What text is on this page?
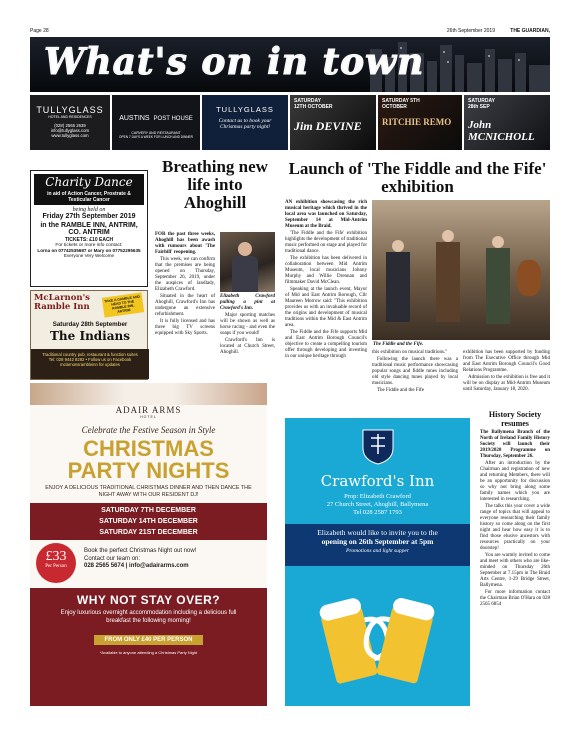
Page 28	26th September 2019	THE GUARDIAN,
What's on in town
TULLYGLASS
HOTEL AND RESIDENCES
(028) 2565 2639
info@tullyglass.com
www.tullyglass.com
AUSTINS POST HOUSE
CARVERY AND RESTAURANT
OPEN 7 DAYS A WEEK FOR LUNCH AND DINNER
TULLYGLASS
Contact us to book your Christmas party night!
SATURDAY 12TH OCTOBER
Jim DEVINE
SATURDAY 5TH OCTOBER
RITCHIE REMO
SATURDAY 28th SEP
John MCNICHOLL
Charity Dance
in aid of Action Cancer, Prostrate & Testicular Cancer
being held on
Friday 27th September 2019
in the RAMBLE INN, ANTRIM,
CO. ANTRIM
TICKETS: £10 EACH
For tickets or more info contact:
Lorna on 07742535687 or Mary on 07752295635
Everyone Very Welcome
McLarnon's Ramble Inn
TAKE A GAMBLE AND HEAD TO THE RAMBLE INN, ANTRIM
Saturday 28th September
The Indians
Traditional country pub, restaurant & function suites
Tel: 028 9442 8282 • Follow us on Facebook
mclarnonsrambleinn for updates
ADAIR ARMS
HOTEL
Celebrate the Festive Season in Style
CHRISTMAS
PARTY NIGHTS
ENJOY A DELICIOUS TRADITIONAL CHRISTMAS DINNER AND THEN DANCE THE NIGHT AWAY WITH OUR RESIDENT DJ!
SATURDAY 7TH DECEMBER
SATURDAY 14TH DECEMBER
SATURDAY 21ST DECEMBER
£33
Per Person
Book the perfect Christmas Night out now!
Contact our team on:
028 2565 5674 | info@adairarms.com
WHY NOT STAY OVER?
Enjoy luxurious overnight accommodation including a delicious full breakfast the following morning!
FROM ONLY £40 PER PERSON
*Available to anyone attending a Christmas Party Night
Breathing new life into Ahoghill

FOR the past three weeks, Ahoghill has been awash with rumours about 'The Fairhill' reopening.

This week, we can confirm that the premises are being opened on Thursday, September 26, 2019, under the auspices of landlady, Elizabeth Crawford.

Situated in the heart of Ahoghill, Crawford's Inn has undergone an extensive refurbishment.

It is fully licensed and has three big TV screens equipped with Sky Sports.

Elizabeth Crawford pulling a pint at Crawford's Inn.

Major sporting matches will be shown as well as horse racing - and even the soaps if you would!

Crawford's Inn is located at Church Street, Ahoghill.

Launch of 'The Fiddle and the Fife' exhibition

AN exhibition showcasing the rich musical heritage which thrived in the local area was launched on Saturday, September 14 at Mid-Antrim Museum at the Braid.

'The Fiddle and the Fife' exhibition highlights the development of traditional music performed on stage and played for traditional dance.

The exhibition has been delivered in collaboration between Mid Antrim Museum, local musicians Johnny Murphy and Willie Drennan and filmmaker David McClean.

Speaking at the launch event, Mayor of Mid and East Antrim Borough, Cllr Maureen Morrow said: "This exhibition provides us with an invaluable record of the origins and development of musical traditions within the Mid & East Antrim area.

The Fiddle and the Fife supports Mid and East Antrim Borough Council's objective to create a compelling tourism offer through developing and investing in our unique heritage through

The Fiddle and the Fife.

this exhibition on musical traditions."

Following the launch there was a traditional music performance showcasing popular songs and fiddle tunes including old style dancing tunes played by local musicians.

The Fiddle and the Fife

exhibition has been supported by funding from The Executive Office through Mid and East Antrim Borough Council's Good Relations Programme.

Admission to the exhibition is free and it will be on display at Mid-Antrim Museum until Saturday, January 18, 2020.

Crawford's Inn
Prop: Elizabeth Crawford
27 Church Street, Ahoghill, Ballymena
Tel 028 2587 1793
Elizabeth would like to invite you to the
opening on 26th September at 5pm
Promotions and light supper
History Society resumes

The Ballymena Branch of the North of Ireland Family History Society will launch their 2019/2020 Programme on Thursday, September 26.

After an introduction by the Chairman and registration of new and returning Members, there will be an opportunity for discussion so why not bring along some family names which you are interested in researching.

The talks this year cover a wide range of topics that will appeal to everyone researching their family history so come along on the first night and hear how easy it is to find those elusive ancestors with resources practically on your doorstep!

You are warmly invited to come and meet with others who are like-minded on Thursday 26th September at 7.15pm in The Braid Arts Centre, 1-29 Bridge Street, Ballymena.

For more information contact the Chairman Brian O'Hara on 028 2565 6854
